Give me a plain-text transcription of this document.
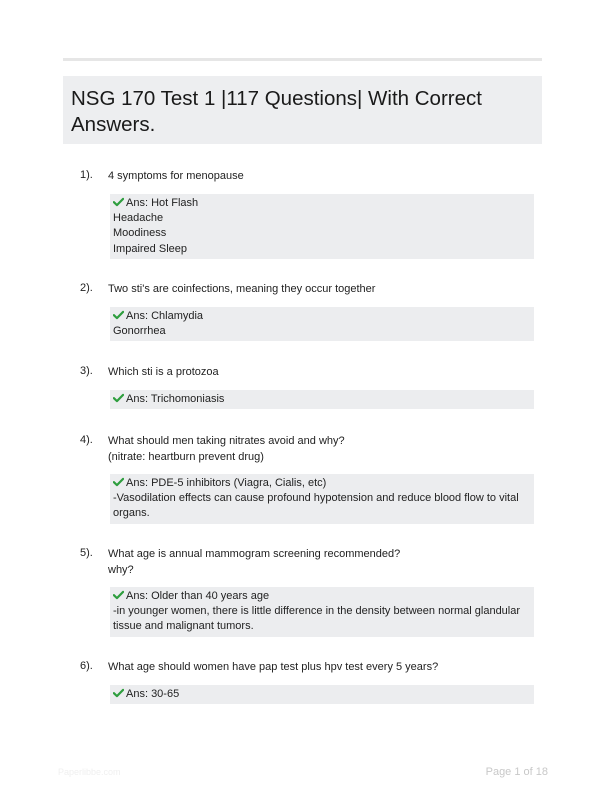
NSG 170 Test 1 |117 Questions| With Correct Answers.
1). 4 symptoms for menopause
Ans: Hot Flash
Headache
Moodiness
Impaired Sleep
2). Two sti's are coinfections, meaning they occur together
Ans: Chlamydia
Gonorrhea
3). Which sti is a protozoa
Ans: Trichomoniasis
4). What should men taking nitrates avoid and why?
(nitrate: heartburn prevent drug)
Ans: PDE-5 inhibitors (Viagra, Cialis, etc)
-Vasodilation effects can cause profound hypotension and reduce blood flow to vital organs.
5). What age is annual mammogram screening recommended?
why?
Ans: Older than 40 years age
-in younger women, there is little difference in the density between normal glandular tissue and malignant tumors.
6). What age should women have pap test plus hpv test every 5 years?
Ans: 30-65
Paperlibbe.com	Page 1 of 18
